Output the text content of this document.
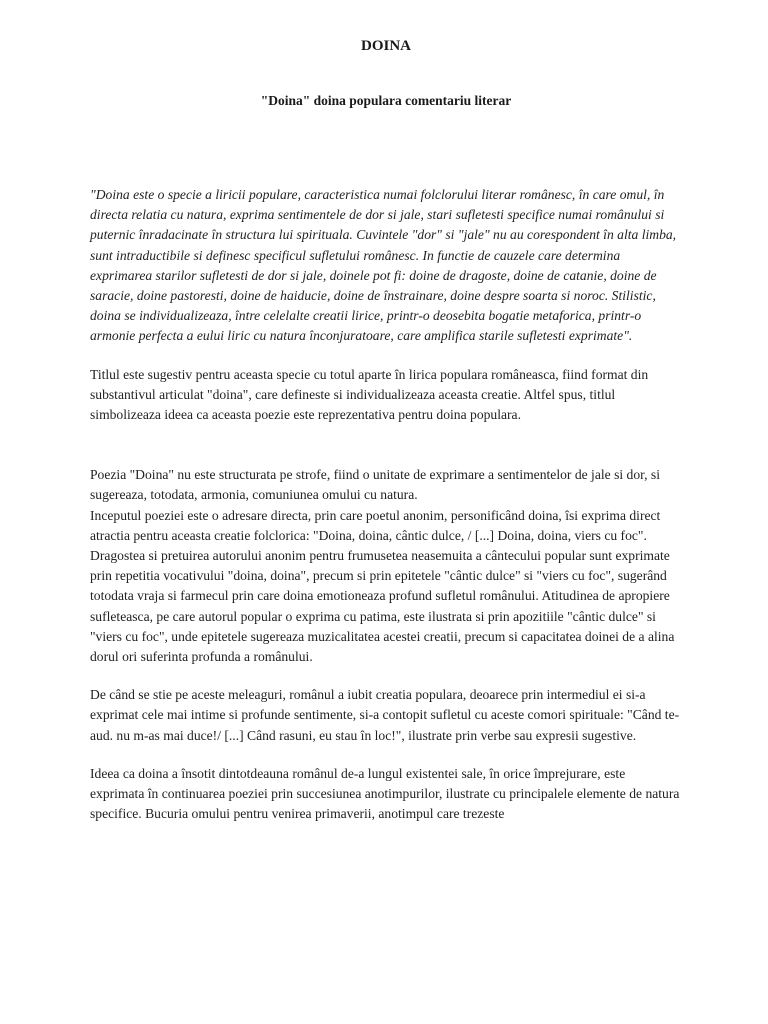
DOINA
"Doina" doina populara comentariu literar

"Doina este o specie a liricii populare, caracteristica numai folclorului literar românesc, în care omul, în directa relatia cu natura, exprima sentimentele de dor si jale, stari sufletesti specifice numai românului si puternic înradacinate în structura lui spirituala. Cuvintele "dor" si "jale" nu au corespondent în alta limba, sunt intraductibile si definesc specificul sufletului românesc. In functie de cauzele care determina exprimarea starilor sufletesti de dor si jale, doinele pot fi: doine de dragoste, doine de catanie, doine de saracie, doine pastoresti, doine de haiducie, doine de înstrainare, doine despre soarta si noroc. Stilistic, doina se individualizeaza, între celelalte creatii lirice, printr-o deosebita bogatie metaforica, printr-o armonie perfecta a eului liric cu natura înconjuratoare, care amplifica starile sufletesti exprimate".

Titlul este sugestiv pentru aceasta specie cu totul aparte în lirica populara româneasca, fiind format din substantivul articulat "doina", care defineste si individualizeaza aceasta creatie. Altfel spus, titlul simbolizeaza ideea ca aceasta poezie este reprezentativa pentru doina populara.

Poezia "Doina" nu este structurata pe strofe, fiind o unitate de exprimare a sentimentelor de jale si dor, si sugereaza, totodata, armonia, comuniunea omului cu natura.

Inceputul poeziei este o adresare directa, prin care poetul anonim, personificând doina, îsi exprima direct atractia pentru aceasta creatie folclorica: "Doina, doina, cântic dulce, / [...] Doina, doina, viers cu foc". Dragostea si pretuirea autorului anonim pentru frumusetea neasemuita a cântecului popular sunt exprimate prin repetitia vocativului "doina, doina", precum si prin epitetele "cântic dulce" si "viers cu foc", sugerând totodata vraja si farmecul prin care doina emotioneaza profund sufletul românului. Atitudinea de apropiere sufleteasca, pe care autorul popular o exprima cu patima, este ilustrata si prin apozitiile "cântic dulce" si "viers cu foc", unde epitetele sugereaza muzicalitatea acestei creatii, precum si capacitatea doinei de a alina dorul ori suferinta profunda a românului.

De când se stie pe aceste meleaguri, românul a iubit creatia populara, deoarece prin intermediul ei si-a exprimat cele mai intime si profunde sentimente, si-a contopit sufletul cu aceste comori spirituale: "Când te-aud. nu m-as mai duce!/ [...] Când rasuni, eu stau în loc!", ilustrate prin verbe sau expresii sugestive.

Ideea ca doina a însotit dintotdeauna românul de-a lungul existentei sale, în orice împrejurare, este exprimata în continuarea poeziei prin succesiunea anotimpurilor, ilustrate cu principalele elemente de natura specifice. Bucuria omului pentru venirea primaverii, anotimpul care trezeste
